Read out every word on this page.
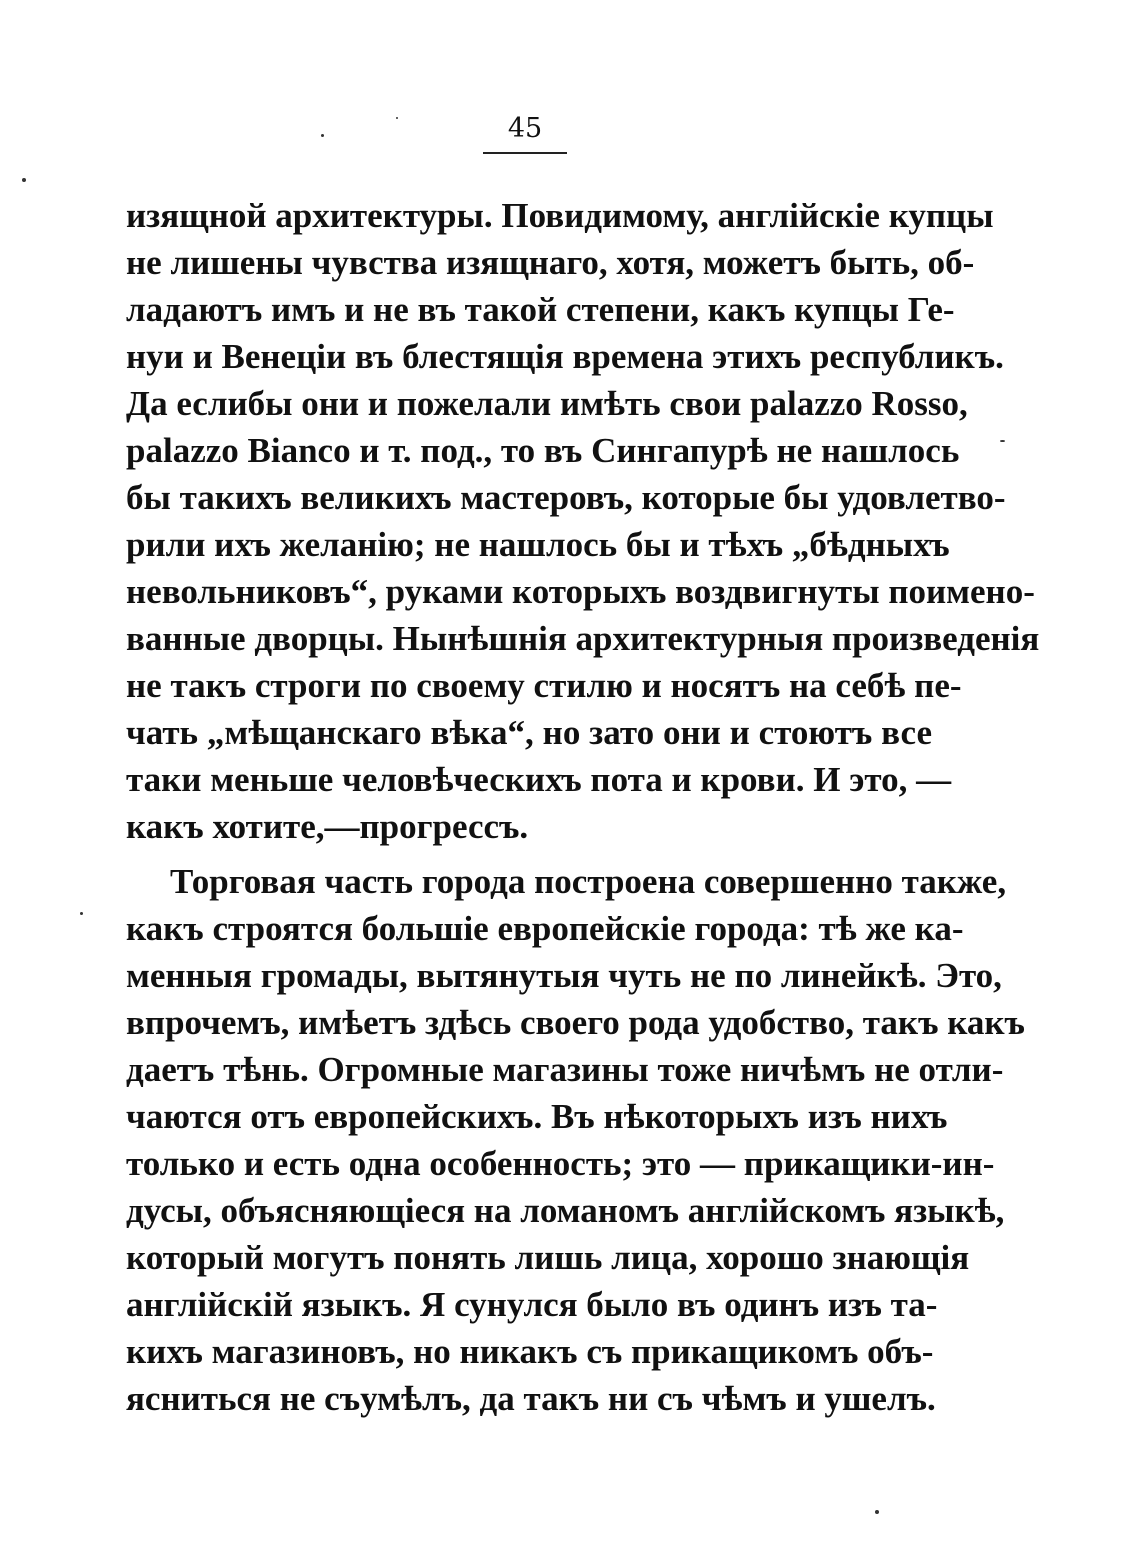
45
изящной архитектуры. Повидимому, англійскіе купцы
не лишены чувства изящнаго, хотя, можетъ быть, об-
ладаютъ имъ и не въ такой степени, какъ купцы Ге-
нуи и Венеціи въ блестящія времена этихъ республикъ.
Да еслибы они и пожелали имѣть свои palazzo Rosso,
palazzo Bianco и т. под., то въ Сингапурѣ не нашлось
бы такихъ великихъ мастеровъ, которые бы удовлетво-
рили ихъ желанію; не нашлось бы и тѣхъ „бѣдныхъ
невольниковъ“, руками которыхъ воздвигнуты поимено-
ванные дворцы. Нынѣшнія архитектурныя произведенія
не такъ строги по своему стилю и носятъ на себѣ пе-
чать „мѣщанскаго вѣка“, но зато они и стоютъ все
таки меньше человѣческихъ пота и крови. И это, —
какъ хотите,—прогрессъ.
Торговая часть города построена совершенно также,
какъ строятся большіе европейскіе города: тѣ же ка-
менныя громады, вытянутыя чуть не по линейкѣ. Это,
впрочемъ, имѣетъ здѣсь своего рода удобство, такъ какъ
даетъ тѣнь. Огромные магазины тоже ничѣмъ не отли-
чаются отъ европейскихъ. Въ нѣкоторыхъ изъ нихъ
только и есть одна особенность; это — прикащики-ин-
дусы, объясняющіеся на ломаномъ англійскомъ языкѣ,
который могутъ понять лишь лица, хорошо знающія
англійскій языкъ. Я сунулся было въ одинъ изъ та-
кихъ магазиновъ, но никакъ съ прикащикомъ объ-
ясниться не съумѣлъ, да такъ ни съ чѣмъ и ушелъ.
